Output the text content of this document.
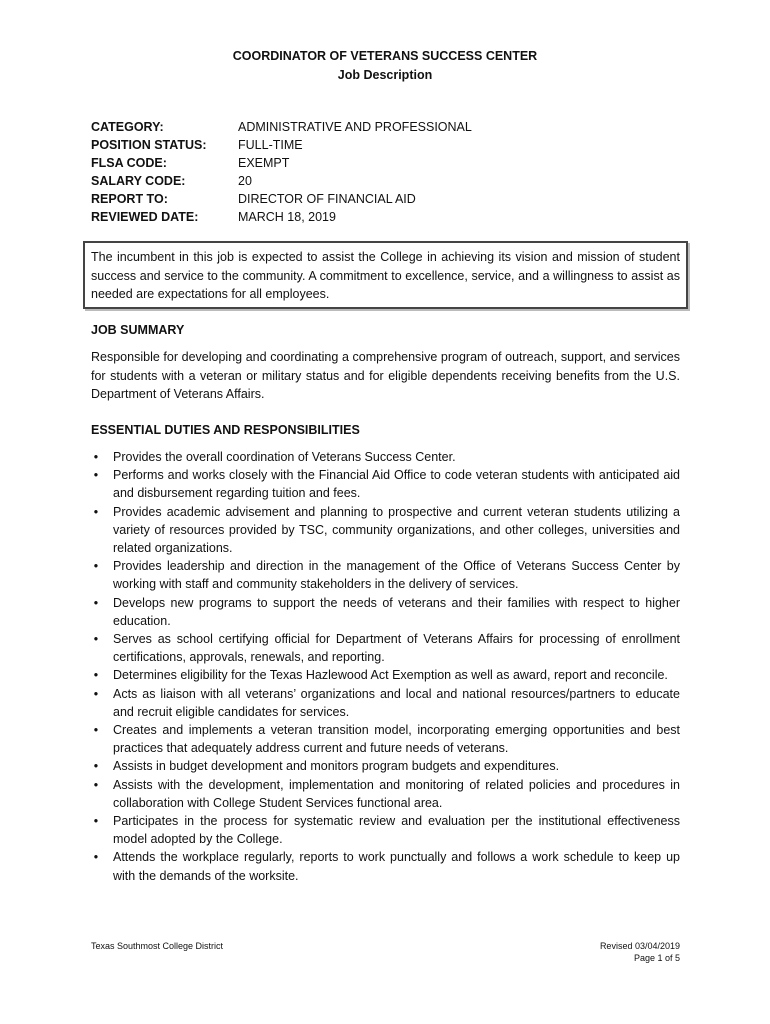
COORDINATOR OF VETERANS SUCCESS CENTER
Job Description
CATEGORY:	ADMINISTRATIVE AND PROFESSIONAL
POSITION STATUS:	FULL-TIME
FLSA CODE:	EXEMPT
SALARY CODE:	20
REPORT TO:	DIRECTOR OF FINANCIAL AID
REVIEWED DATE:	MARCH 18, 2019
The incumbent in this job is expected to assist the College in achieving its vision and mission of student success and service to the community. A commitment to excellence, service, and a willingness to assist as needed are expectations for all employees.
JOB SUMMARY
Responsible for developing and coordinating a comprehensive program of outreach, support, and services for students with a veteran or military status and for eligible dependents receiving benefits from the U.S. Department of Veterans Affairs.
ESSENTIAL DUTIES AND RESPONSIBILITIES
• Provides the overall coordination of Veterans Success Center.
• Performs and works closely with the Financial Aid Office to code veteran students with anticipated aid and disbursement regarding tuition and fees.
• Provides academic advisement and planning to prospective and current veteran students utilizing a variety of resources provided by TSC, community organizations, and other colleges, universities and related organizations.
• Provides leadership and direction in the management of the Office of Veterans Success Center by working with staff and community stakeholders in the delivery of services.
• Develops new programs to support the needs of veterans and their families with respect to higher education.
• Serves as school certifying official for Department of Veterans Affairs for processing of enrollment certifications, approvals, renewals, and reporting.
• Determines eligibility for the Texas Hazlewood Act Exemption as well as award, report and reconcile.
• Acts as liaison with all veterans’ organizations and local and national resources/partners to educate and recruit eligible candidates for services.
• Creates and implements a veteran transition model, incorporating emerging opportunities and best practices that adequately address current and future needs of veterans.
• Assists in budget development and monitors program budgets and expenditures.
• Assists with the development, implementation and monitoring of related policies and procedures in collaboration with College Student Services functional area.
• Participates in the process for systematic review and evaluation per the institutional effectiveness model adopted by the College.
• Attends the workplace regularly, reports to work punctually and follows a work schedule to keep up with the demands of the worksite.
Texas Southmost College District	Revised 03/04/2019
Page 1 of 5
